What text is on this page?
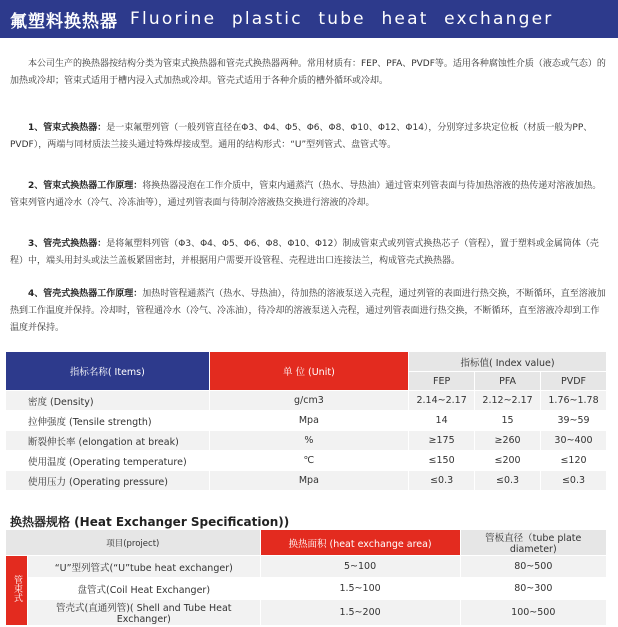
氟塑料换热器 Fluorine plastic tube heat exchanger
本公司生产的换热器按结构分类为管束式换热器和管壳式换热器两种。常用材质有：FEP、PFA、PVDF等。适用各种腐蚀性介质（液态或气态）的加热或冷却；管束式适用于槽内浸入式加热或冷却。管壳式适用于各种介质的槽外循环或冷却。
1、管束式换热器：是一束氟塑列管（一般列管直径在Φ3、Φ4、Φ5、Φ6、Φ8、Φ10、Φ12、Φ14），分别穿过多块定位板（材质一般为PP、PVDF），两端与同材质法兰接头通过特殊焊接成型。通用的结构形式：“U”型列管式、盘管式等。
2、管束式换热器工作原理：将换热器浸泡在工作介质中，管束内通蒸汽（热水、导热油）通过管束列管表面与待加热溶液的热传递对溶液加热。管束列管内通冷水（冷气、冷冻油等），通过列管表面与待制冷溶液热交换进行溶液的冷却。
3、管壳式换热器：是将氟塑料列管（Φ3、Φ4、Φ5、Φ6、Φ8、Φ10、Φ12）制成管束式或列管式换热芯子（管程），置于塑料或金属筒体（壳程）中，端头用封头或法兰盖板紧固密封，并根据用户需要开设管程、壳程进出口连接法兰，构成管壳式换热器。
4、管壳式换热器工作原理：加热时管程通蒸汽（热水、导热油），待加热的溶液泵送入壳程，通过列管的表面进行热交换，不断循环，直至溶液加热到工作温度并保持。冷却时，管程通冷水（冷气、冷冻油），待冷却的溶液泵送入壳程，通过列管表面进行热交换，不断循环，直至溶液冷却到工作温度并保持。
指标名称( Items)	单 位 (Unit)	指标值( Index value)		
		FEP	PFA	PVDF
密度 (Density)	g/cm3	2.14~2.17	2.12~2.17	1.76~1.78
拉伸强度 (Tensile strength)	Mpa	14	15	39~59
断裂伸长率 (elongation at break)	%	≥175	≥260	30~400
使用温度 (Operating temperature)	℃	≤150	≤200	≤120
使用压力 (Operating pressure)	Mpa	≤0.3	≤0.3	≤0.3
换热器规格 (Heat Exchanger Specification))
项目(project)		换热面积 (heat exchange area)	管板直径（tube plate diameter)
管束式	“U”型列管式(“U”tube heat exchanger)	5~100	80~500
	盘管式(Coil Heat Exchanger)	1.5~100	80~300
	管壳式(直通列管)( Shell and Tube Heat Exchanger)	1.5~200	100~500
